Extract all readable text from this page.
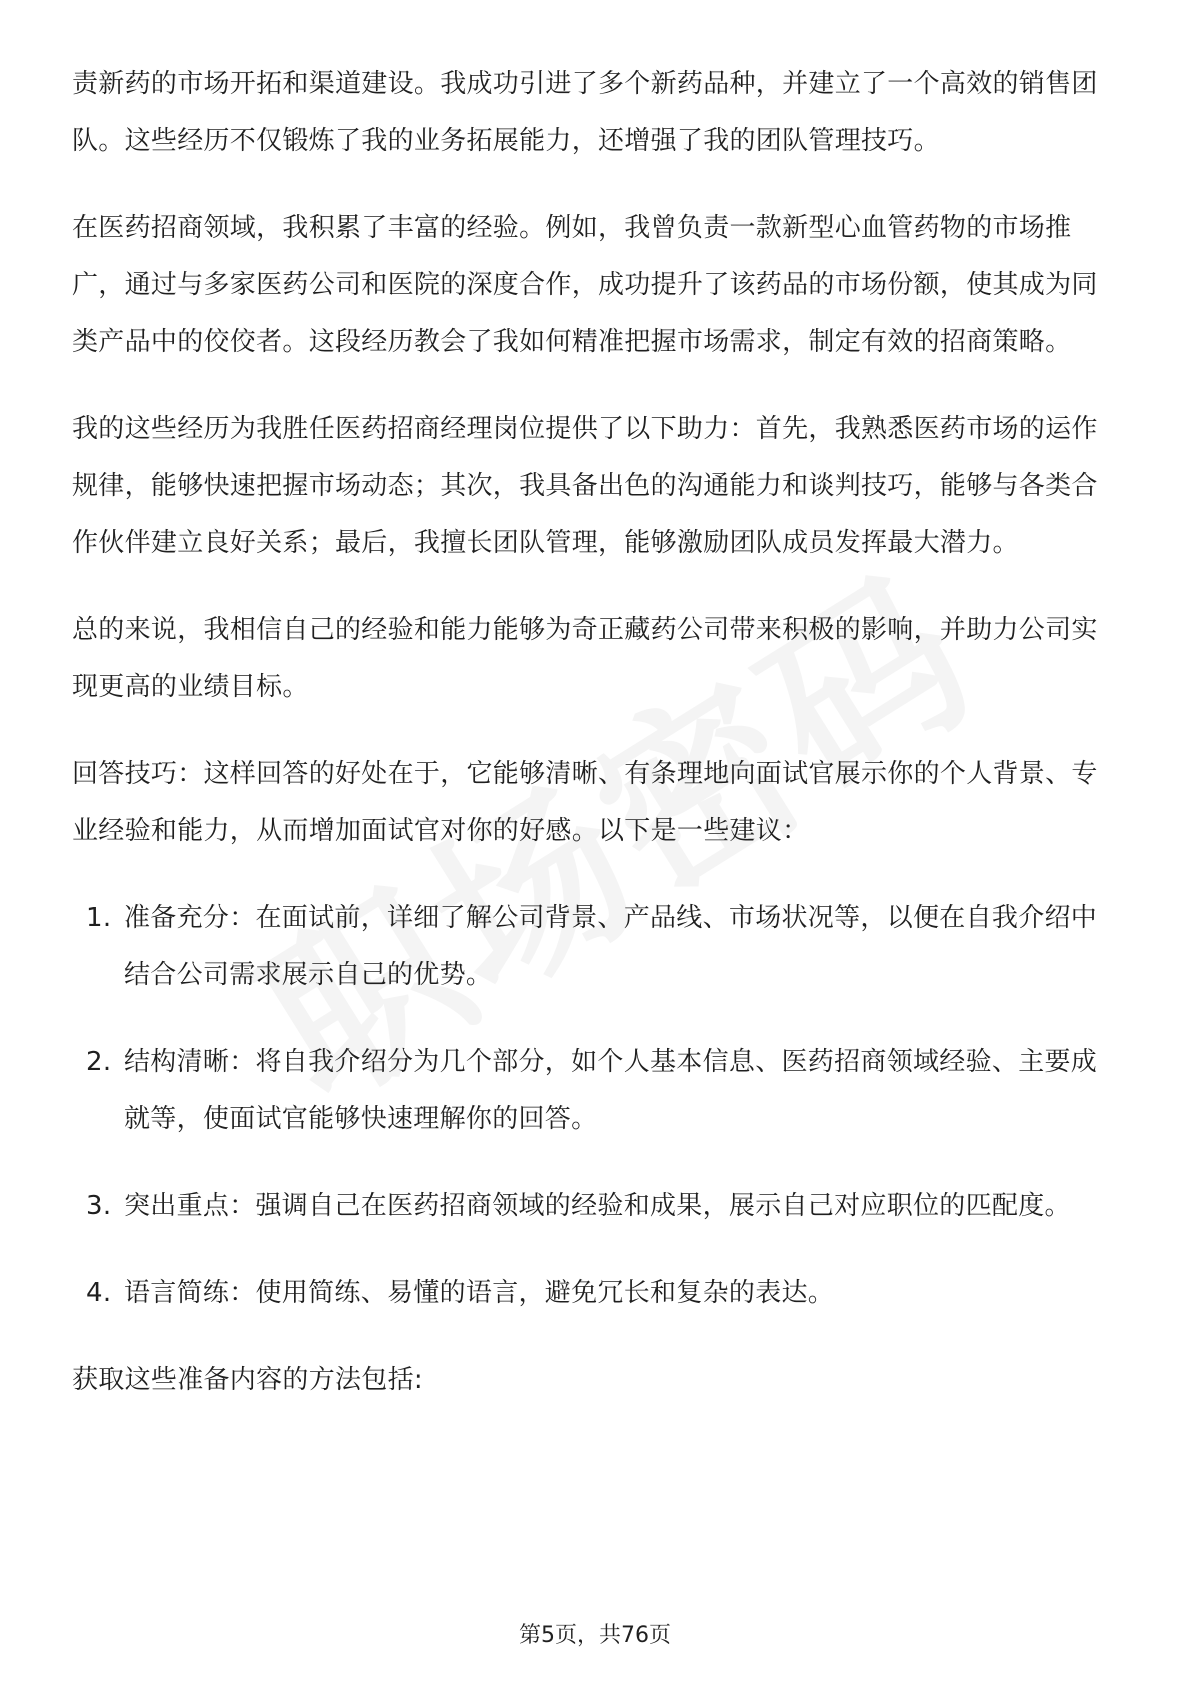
责新药的市场开拓和渠道建设。我成功引进了多个新药品种，并建立了一个高效的销售团队。这些经历不仅锻炼了我的业务拓展能力，还增强了我的团队管理技巧。

在医药招商领域，我积累了丰富的经验。例如，我曾负责一款新型心血管药物的市场推广，通过与多家医药公司和医院的深度合作，成功提升了该药品的市场份额，使其成为同类产品中的佼佼者。这段经历教会了我如何精准把握市场需求，制定有效的招商策略。

我的这些经历为我胜任医药招商经理岗位提供了以下助力：首先，我熟悉医药市场的运作规律，能够快速把握市场动态；其次，我具备出色的沟通能力和谈判技巧，能够与各类合作伙伴建立良好关系；最后，我擅长团队管理，能够激励团队成员发挥最大潜力。

总的来说，我相信自己的经验和能力能够为奇正藏药公司带来积极的影响，并助力公司实现更高的业绩目标。

回答技巧：这样回答的好处在于，它能够清晰、有条理地向面试官展示你的个人背景、专业经验和能力，从而增加面试官对你的好感。以下是一些建议：

1. 准备充分：在面试前，详细了解公司背景、产品线、市场状况等，以便在自我介绍中结合公司需求展示自己的优势。
2. 结构清晰：将自我介绍分为几个部分，如个人基本信息、医药招商领域经验、主要成就等，使面试官能够快速理解你的回答。
3. 突出重点：强调自己在医药招商领域的经验和成果，展示自己对应职位的匹配度。
4. 语言简练：使用简练、易懂的语言，避免冗长和复杂的表达。

获取这些准备内容的方法包括:

第5页，共76页
